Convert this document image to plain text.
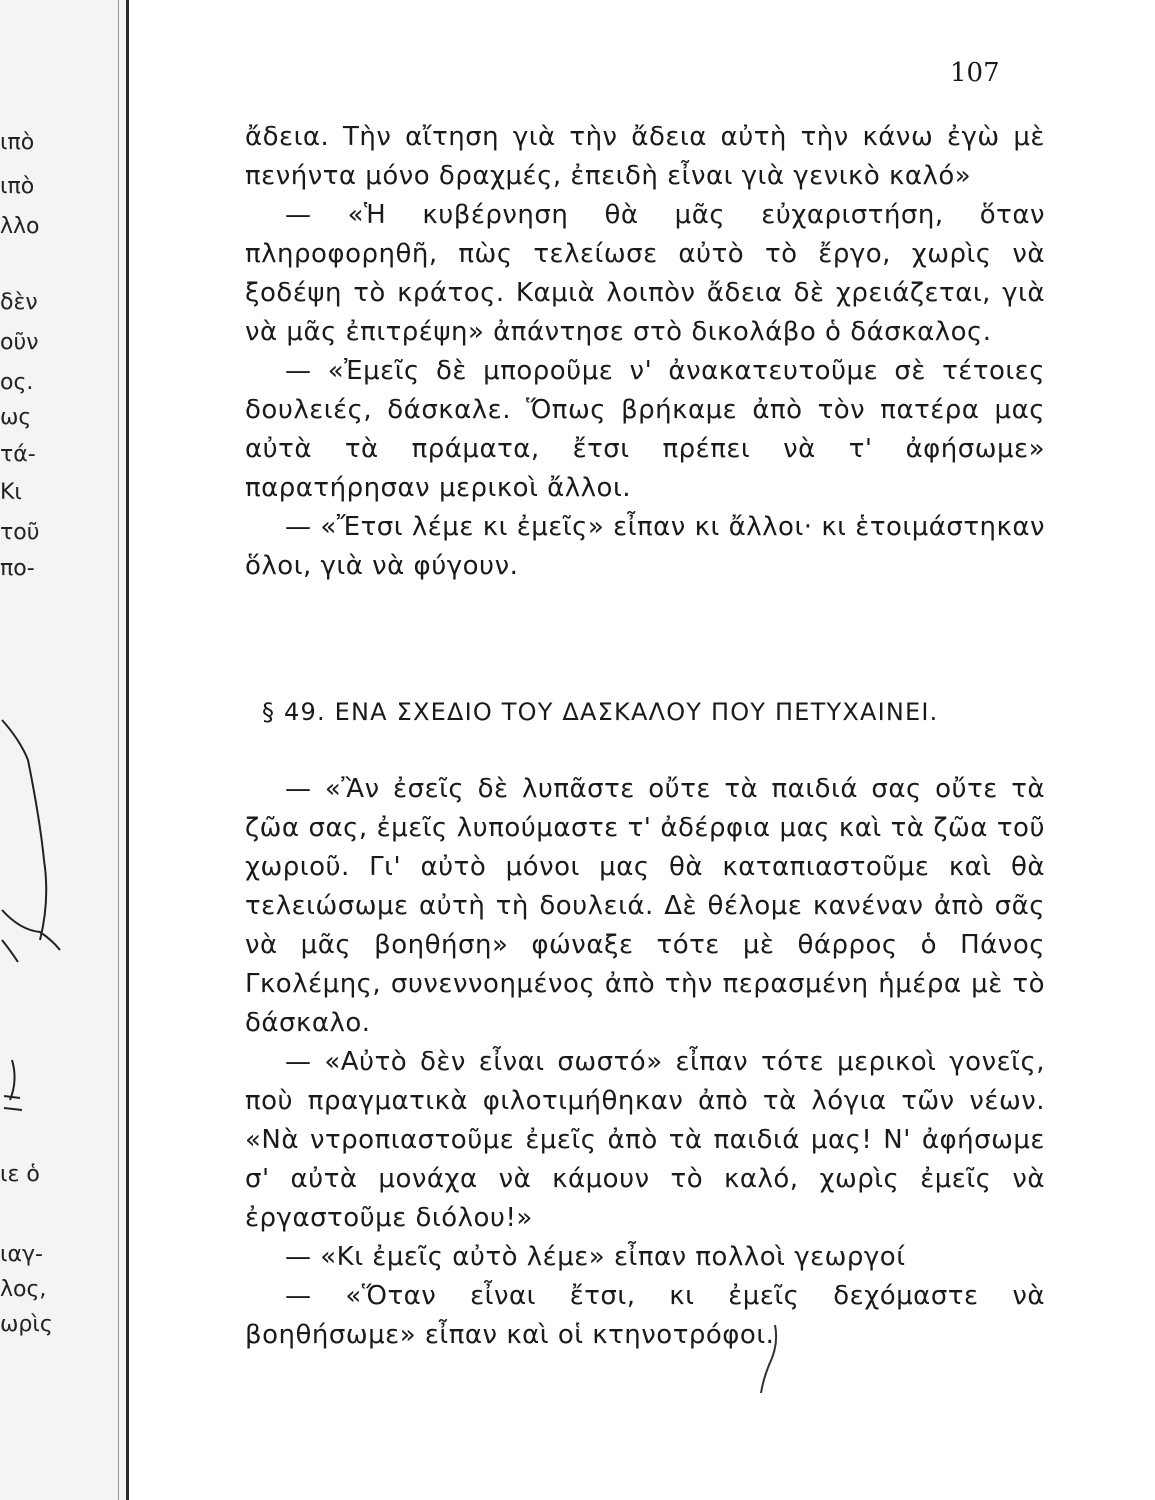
ιπὸ
ιπὸ
λλο
δὲν
οῦν
ος.
ως
τά-
Κι
τοῦ
πο-
ιε ὁ
ιαγ-
λος,
ωρὶς
107

ἄδεια. Τὴν αἴτηση γιὰ τὴν ἄδεια αὐτὴ τὴν κάνω ἐγὼ μὲ πενήντα μόνο δραχμές, ἐπειδὴ εἶναι γιὰ γενικὸ καλό»

— «Ἡ κυβέρνηση θὰ μᾶς εὐχαριστήση, ὅταν πληροφορηθῆ, πὼς τελείωσε αὐτὸ τὸ ἔργο, χωρὶς νὰ ξοδέψη τὸ κράτος. Καμιὰ λοιπὸν ἄδεια δὲ χρειάζεται, γιὰ νὰ μᾶς ἐπιτρέψη» ἀπάντησε στὸ δικολάβο ὁ δάσκαλος.

— «Ἐμεῖς δὲ μποροῦμε ν' ἀνακατευτοῦμε σὲ τέτοιες δουλειές, δάσκαλε. Ὅπως βρήκαμε ἀπὸ τὸν πατέρα μας αὐτὰ τὰ πράματα, ἔτσι πρέπει νὰ τ' ἀφήσωμε» παρατήρησαν μερικοὶ ἄλλοι.

— «Ἔτσι λέμε κι ἐμεῖς» εἶπαν κι ἄλλοι· κι ἑτοιμάστηκαν ὅλοι, γιὰ νὰ φύγουν.

§ 49. ΕΝΑ ΣΧΕΔΙΟ ΤΟΥ ΔΑΣΚΑΛΟΥ ΠΟΥ ΠΕΤΥΧΑΙΝΕΙ.

— «Ἂν ἐσεῖς δὲ λυπᾶστε οὔτε τὰ παιδιά σας οὔτε τὰ ζῶα σας, ἐμεῖς λυπούμαστε τ' ἀδέρφια μας καὶ τὰ ζῶα τοῦ χωριοῦ. Γι' αὐτὸ μόνοι μας θὰ καταπιαστοῦμε καὶ θὰ τελειώσωμε αὐτὴ τὴ δουλειά. Δὲ θέλομε κανέναν ἀπὸ σᾶς νὰ μᾶς βοηθήση» φώναξε τότε μὲ θάρρος ὁ Πάνος Γκολέμης, συνεννοημένος ἀπὸ τὴν περασμένη ἡμέρα μὲ τὸ δάσκαλο.

— «Αὐτὸ δὲν εἶναι σωστό» εἶπαν τότε μερικοὶ γονεῖς, ποὺ πραγματικὰ φιλοτιμήθηκαν ἀπὸ τὰ λόγια τῶν νέων. «Νὰ ντροπιαστοῦμε ἐμεῖς ἀπὸ τὰ παιδιά μας! Ν' ἀφήσωμε σ' αὐτὰ μονάχα νὰ κάμουν τὸ καλό, χωρὶς ἐμεῖς νὰ ἐργαστοῦμε διόλου!»

— «Κι ἐμεῖς αὐτὸ λέμε» εἶπαν πολλοὶ γεωργοί

— «Ὅταν εἶναι ἔτσι, κι ἐμεῖς δεχόμαστε νὰ βοηθήσωμε» εἶπαν καὶ οἱ κτηνοτρόφοι.
